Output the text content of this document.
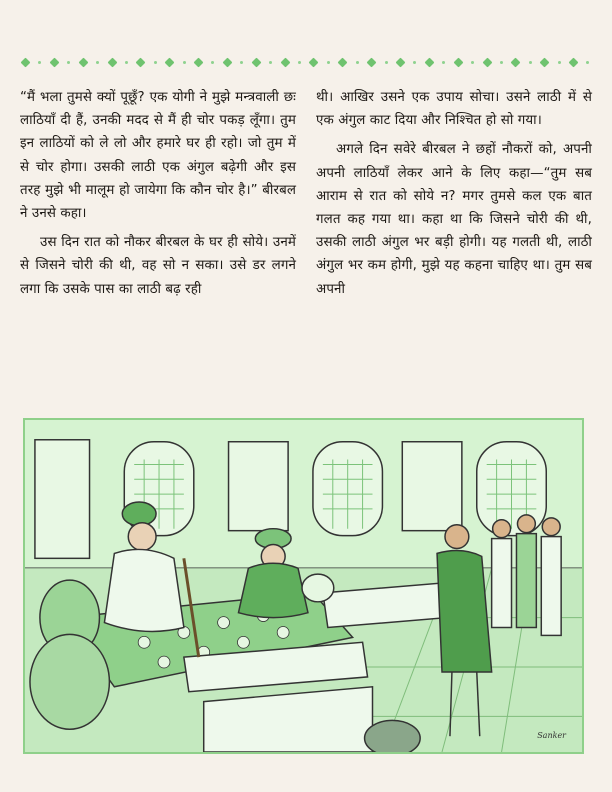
“मैं भला तुमसे क्यों पूछूँ? एक योगी ने मुझे मन्त्रवाली छः लाठियाँ दी हैं, उनकी मदद से मैं ही चोर पकड़ लूँगा। तुम इन लाठियों को ले लो और हमारे घर ही रहो। जो तुम में से चोर होगा। उसकी लाठी एक अंगुल बढ़ेगी और इस तरह मुझे भी मालूम हो जायेगा कि कौन चोर है।” बीरबल ने उनसे कहा।

उस दिन रात को नौकर बीरबल के घर ही सोये। उनमें से जिसने चोरी की थी, वह सो न सका। उसे डर लगने लगा कि उसके पास का लाठी बढ़ रही

थी। आखिर उसने एक उपाय सोचा। उसने लाठी में से एक अंगुल काट दिया और निश्चित हो सो गया।

अगले दिन सवेरे बीरबल ने छहों नौकरों को, अपनी अपनी लाठियाँ लेकर आने के लिए कहा—“तुम सब आराम से रात को सोये न? मगर तुमसे कल एक बात गलत कह गया था। कहा था कि जिसने चोरी की थी, उसकी लाठी अंगुल भर बड़ी होगी। यह गलती थी, लाठी अंगुल भर कम होगी, मुझे यह कहना चाहिए था। तुम सब अपनी

Sanker
